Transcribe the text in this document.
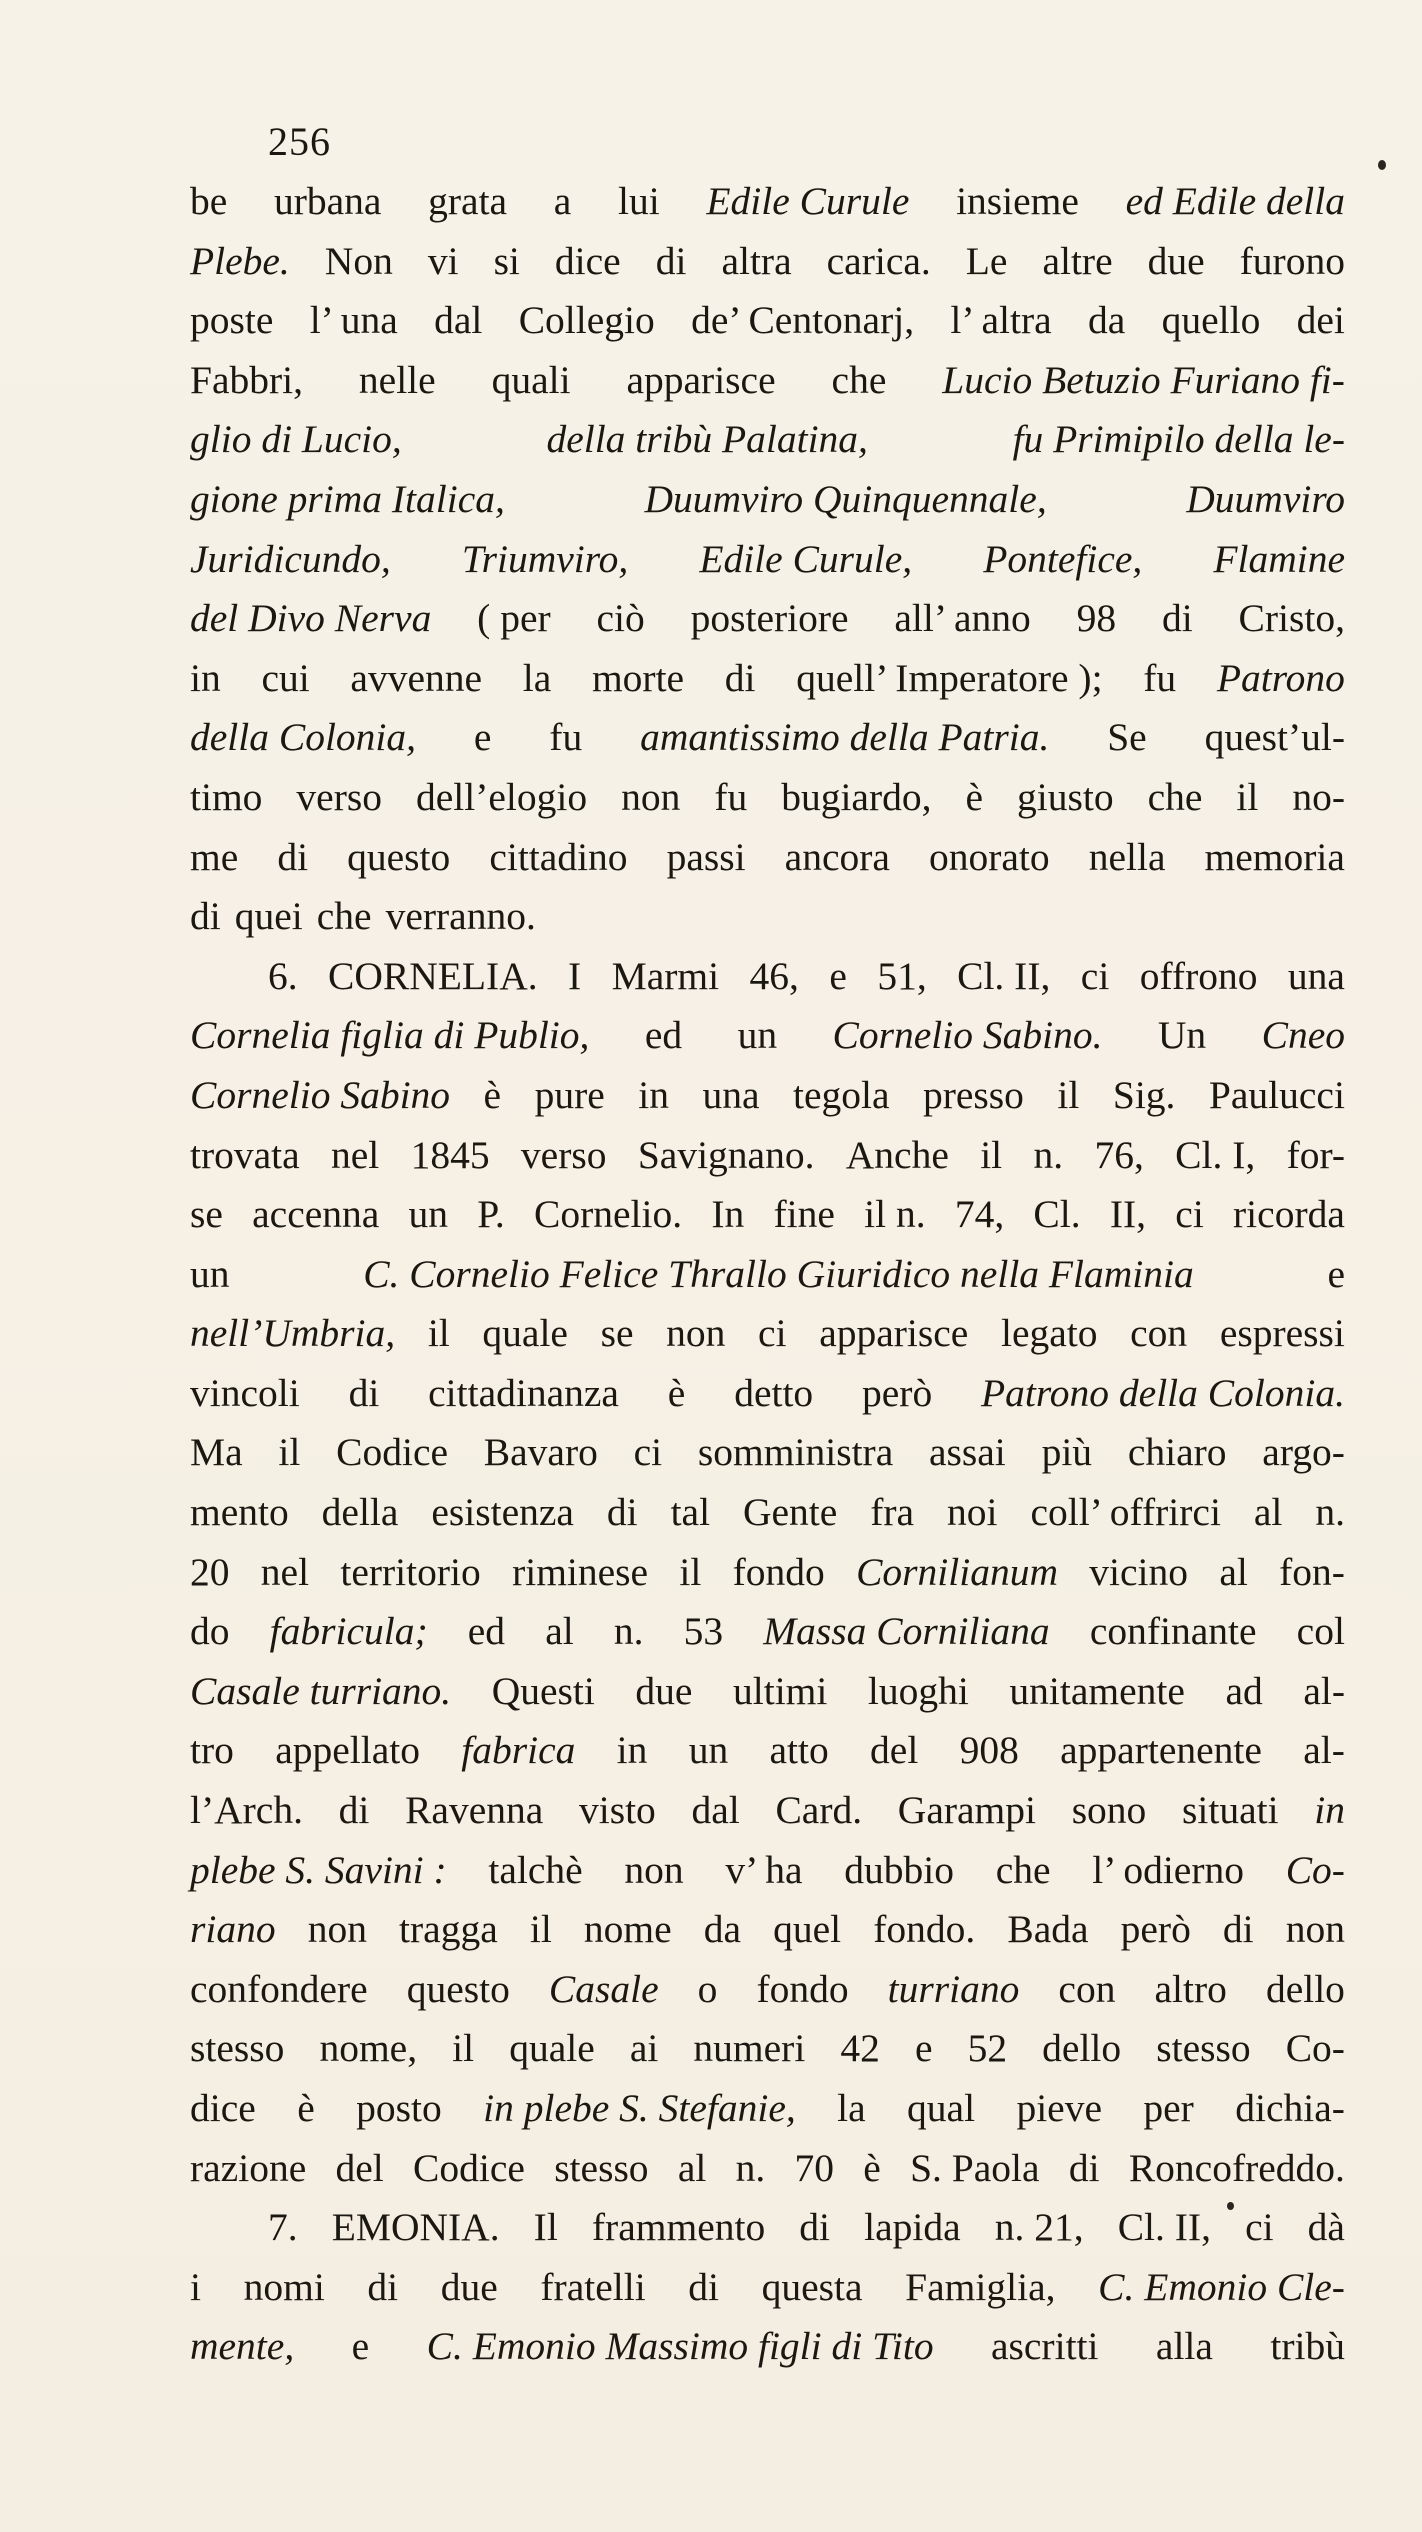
256
be urbana grata a lui Edile Curule insieme ed Edile della
Plebe. Non vi si dice di altra carica. Le altre due furono
poste l’ una dal Collegio de’ Centonarj, l’ altra da quello dei
Fabbri, nelle quali apparisce che Lucio Betuzio Furiano fi-
glio di Lucio,	della tribù Palatina,	fu Primipilo della le-
gione prima Italica,	Duumviro Quinquennale,	Duumviro
Juridicundo, Triumviro, Edile Curule, Pontefice, Flamine
del Divo Nerva ( per ciò posteriore all’ anno 98 di Cristo,
in cui avvenne la morte di quell’ Imperatore ); fu Patrono
della Colonia, e fu amantissimo della Patria. Se quest’ul-
timo verso dell’elogio non fu bugiardo, è giusto che il no-
me di questo cittadino passi ancora onorato nella memoria
di quei che verranno.
6. CORNELIA. I Marmi 46, e 51, Cl. II, ci offrono una
Cornelia figlia di Publio, ed un Cornelio Sabino. Un Cneo
Cornelio Sabino è pure in una tegola presso il Sig. Paulucci
trovata nel 1845 verso Savignano. Anche il n. 76, Cl. I, for-
se accenna un P. Cornelio. In fine il n. 74, Cl. II, ci ricorda
un	C. Cornelio Felice Thrallo Giuridico nella Flaminia	e
nell’Umbria, il quale se non ci apparisce legato con espressi
vincoli di cittadinanza è detto però Patrono della Colonia.
Ma il Codice Bavaro ci somministra assai più chiaro argo-
mento della esistenza di tal Gente fra noi coll’ offrirci al n.
20 nel territorio riminese il fondo Cornilianum vicino al fon-
do fabricula; ed al n. 53 Massa Corniliana confinante col
Casale turriano. Questi due ultimi luoghi unitamente ad al-
tro appellato fabrica in un atto del 908 appartenente al-
l’Arch. di Ravenna visto dal Card. Garampi sono situati in
plebe S. Savini : talchè non v’ ha dubbio che l’ odierno Co-
riano non tragga il nome da quel fondo. Bada però di non
confondere questo Casale o fondo turriano con altro dello
stesso nome, il quale ai numeri 42 e 52 dello stesso Co-
dice è posto in plebe S. Stefanie, la qual pieve per dichia-
razione del Codice stesso al n. 70 è S. Paola di Roncofreddo.
7. EMONIA. Il frammento di lapida n. 21, Cl. II, ci dà
i nomi di due fratelli di questa Famiglia, C. Emonio Cle-
mente, e C. Emonio Massimo figli di Tito ascritti alla tribù
